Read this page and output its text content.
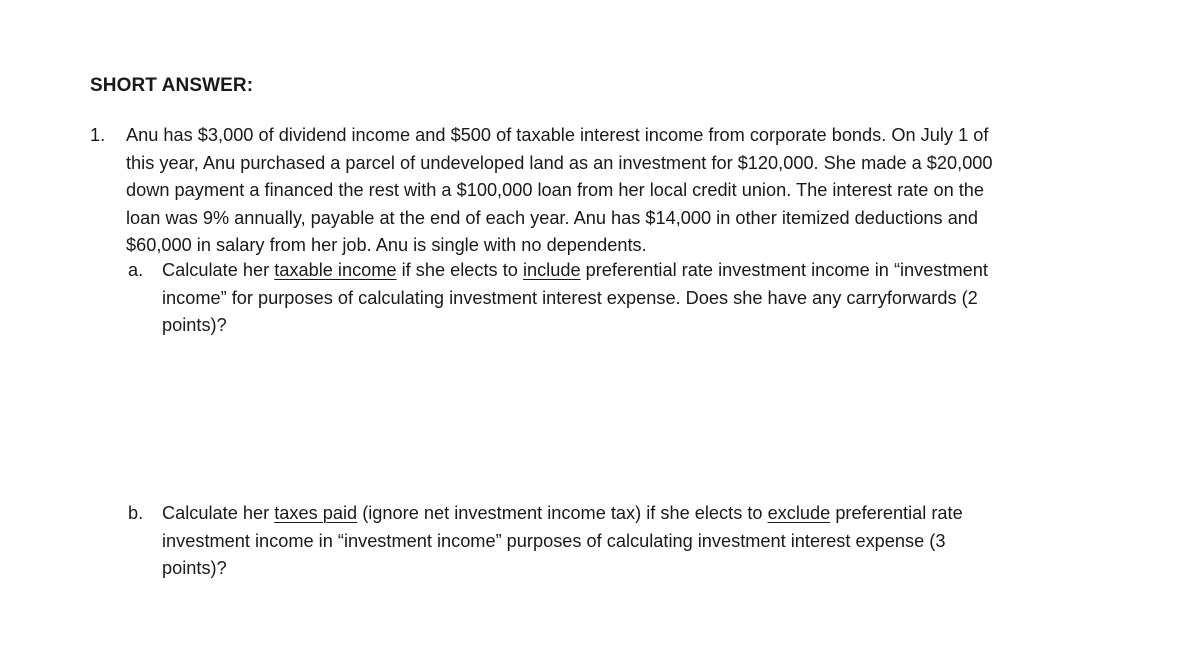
SHORT ANSWER:
1. Anu has $3,000 of dividend income and $500 of taxable interest income from corporate bonds. On July 1 of
this year, Anu purchased a parcel of undeveloped land as an investment for $120,000. She made a $20,000
down payment a financed the rest with a $100,000 loan from her local credit union. The interest rate on the
loan was 9% annually, payable at the end of each year. Anu has $14,000 in other itemized deductions and
$60,000 in salary from her job. Anu is single with no dependents.
a. Calculate her taxable income if she elects to include preferential rate investment income in “investment
income” for purposes of calculating investment interest expense. Does she have any carryforwards (2
points)?
b. Calculate her taxes paid (ignore net investment income tax) if she elects to exclude preferential rate
investment income in “investment income” purposes of calculating investment interest expense (3
points)?
